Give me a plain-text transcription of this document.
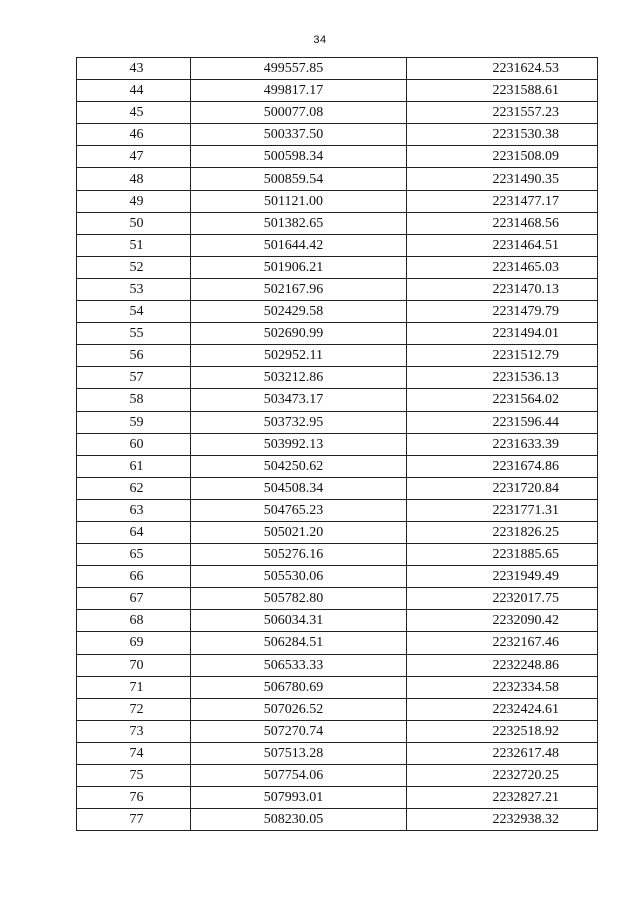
34
43	499557.85	2231624.53
44	499817.17	2231588.61
45	500077.08	2231557.23
46	500337.50	2231530.38
47	500598.34	2231508.09
48	500859.54	2231490.35
49	501121.00	2231477.17
50	501382.65	2231468.56
51	501644.42	2231464.51
52	501906.21	2231465.03
53	502167.96	2231470.13
54	502429.58	2231479.79
55	502690.99	2231494.01
56	502952.11	2231512.79
57	503212.86	2231536.13
58	503473.17	2231564.02
59	503732.95	2231596.44
60	503992.13	2231633.39
61	504250.62	2231674.86
62	504508.34	2231720.84
63	504765.23	2231771.31
64	505021.20	2231826.25
65	505276.16	2231885.65
66	505530.06	2231949.49
67	505782.80	2232017.75
68	506034.31	2232090.42
69	506284.51	2232167.46
70	506533.33	2232248.86
71	506780.69	2232334.58
72	507026.52	2232424.61
73	507270.74	2232518.92
74	507513.28	2232617.48
75	507754.06	2232720.25
76	507993.01	2232827.21
77	508230.05	2232938.32
